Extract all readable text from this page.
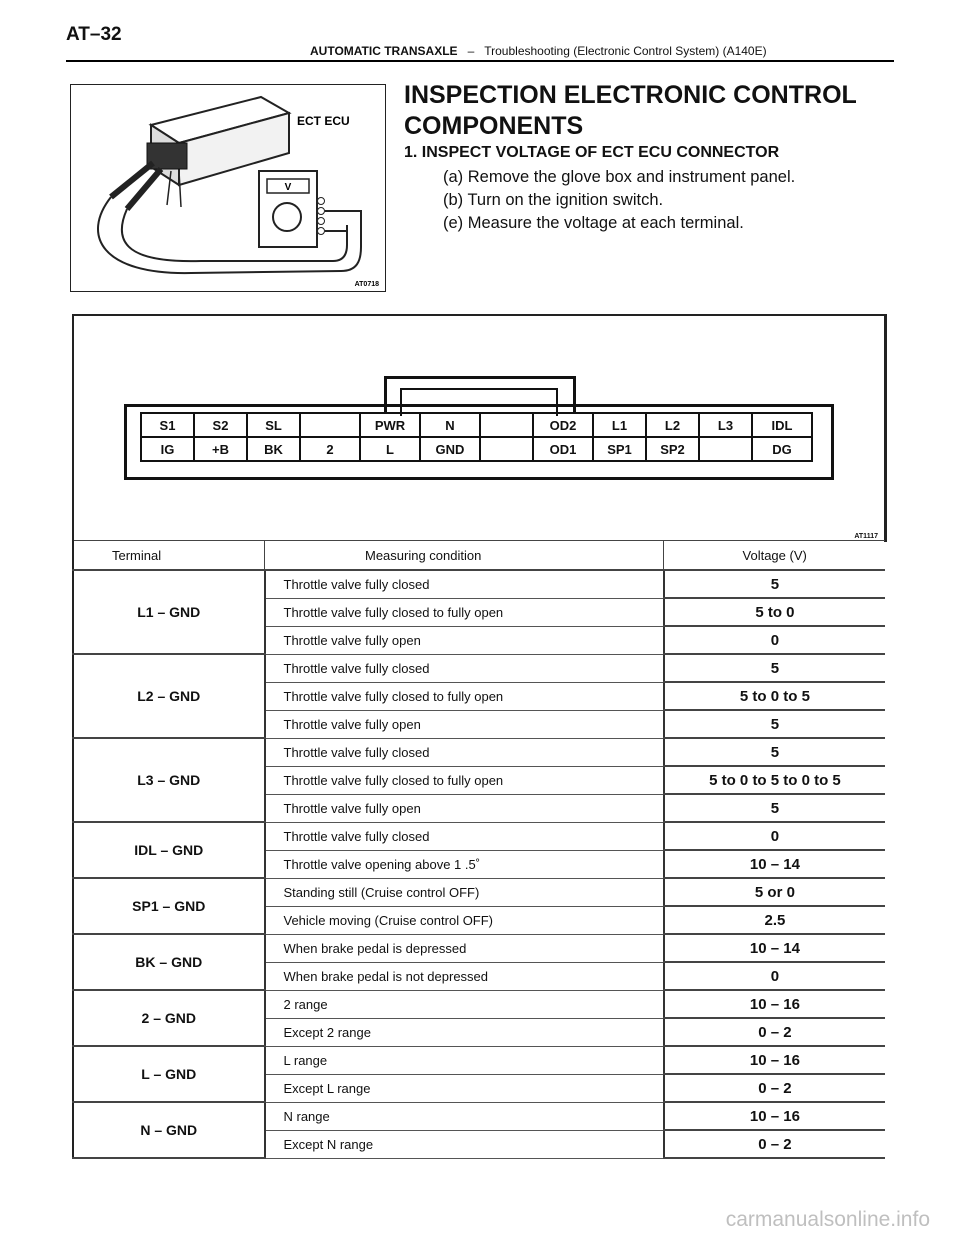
AT–32
AUTOMATIC TRANSAXLE – Troubleshooting (Electronic Control System) (A140E)
V
ECT ECU
AT0718
INSPECTION ELECTRONIC CONTROL
COMPONENTS
1. INSPECT VOLTAGE OF ECT ECU CONNECTOR
(a) Remove the glove box and instrument panel.
(b) Turn on the ignition switch.
(e) Measure the voltage at each terminal.
S1	S2	SL		PWR	N		OD2	L1	L2	L3	IDL
IG	+B	BK	2	L	GND		OD1	SP1	SP2		DG
AT1117
Terminal	Measuring condition	Voltage (V)
L1 – GND	Throttle valve fully closed	5
	Throttle valve fully closed to fully open	5 to 0
	Throttle valve fully open	0
L2 – GND	Throttle valve fully closed	5
	Throttle valve fully closed to fully open	5 to 0 to 5
	Throttle valve fully open	5
L3 – GND	Throttle valve fully closed	5
	Throttle valve fully closed to fully open	5 to 0 to 5 to 0 to 5
	Throttle valve fully open	5
IDL – GND	Throttle valve fully closed	0
	Throttle valve opening above 1 .5˚	10 – 14
SP1 – GND	Standing still (Cruise control OFF)	5 or 0
	Vehicle moving (Cruise control OFF)	2.5
BK – GND	When brake pedal is depressed	10 – 14
	When brake pedal is not depressed	0
2 – GND	2 range	10 – 16
	Except 2 range	0 – 2
L – GND	L range	10 – 16
	Except L range	0 – 2
N – GND	N range	10 – 16
	Except N range	0 – 2
carmanualsonline.info
